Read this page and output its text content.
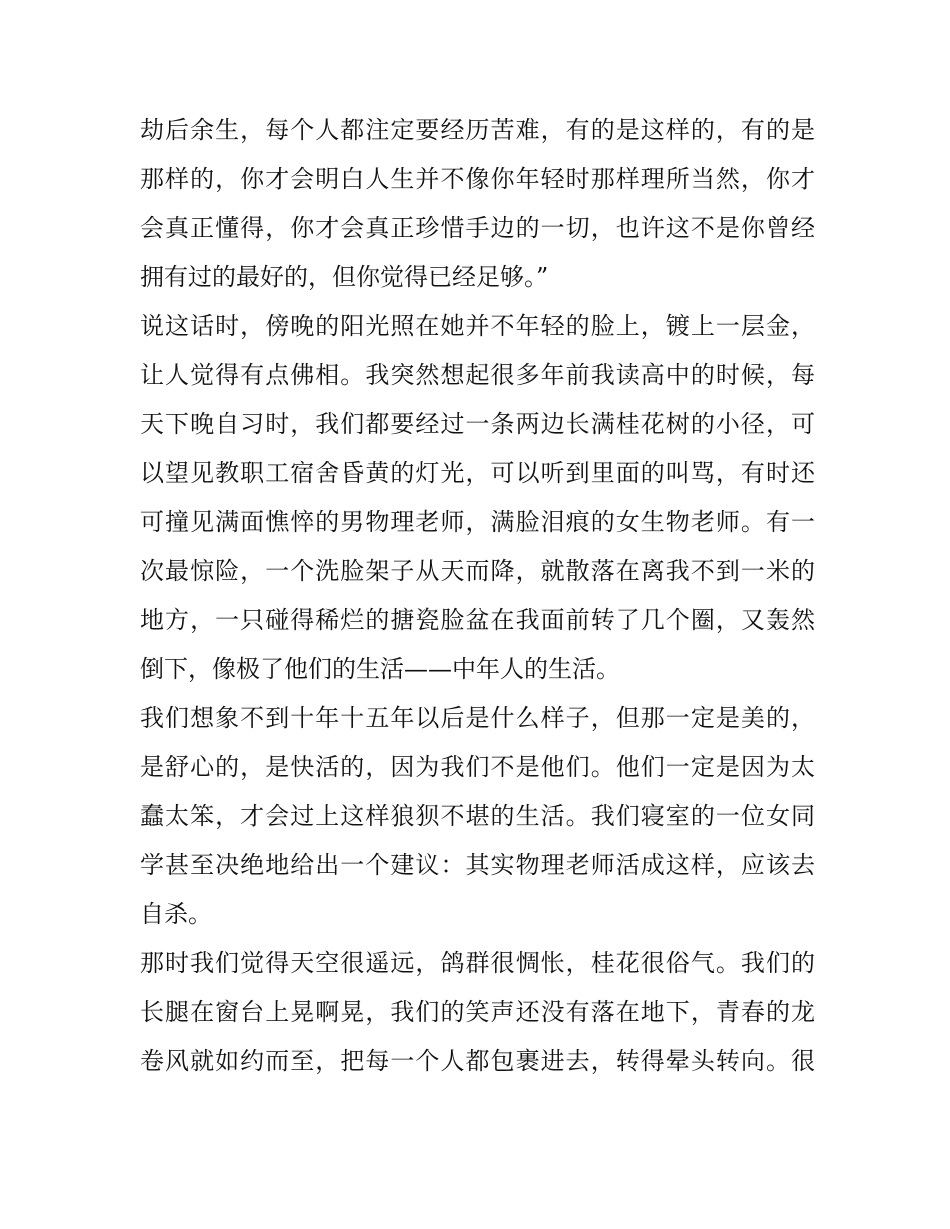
劫后余生，每个人都注定要经历苦难，有的是这样的，有的是
那样的，你才会明白人生并不像你年轻时那样理所当然，你才
会真正懂得，你才会真正珍惜手边的一切，也许这不是你曾经
拥有过的最好的，但你觉得已经足够。”
说这话时，傍晚的阳光照在她并不年轻的脸上，镀上一层金，
让人觉得有点佛相。我突然想起很多年前我读高中的时候，每
天下晚自习时，我们都要经过一条两边长满桂花树的小径，可
以望见教职工宿舍昏黄的灯光，可以听到里面的叫骂，有时还
可撞见满面憔悴的男物理老师，满脸泪痕的女生物老师。有一
次最惊险，一个洗脸架子从天而降，就散落在离我不到一米的
地方，一只碰得稀烂的搪瓷脸盆在我面前转了几个圈，又轰然
倒下，像极了他们的生活——中年人的生活。
我们想象不到十年十五年以后是什么样子，但那一定是美的，
是舒心的，是快活的，因为我们不是他们。他们一定是因为太
蠢太笨，才会过上这样狼狈不堪的生活。我们寝室的一位女同
学甚至决绝地给出一个建议：其实物理老师活成这样，应该去
自杀。
那时我们觉得天空很遥远，鸽群很惆怅，桂花很俗气。我们的
长腿在窗台上晃啊晃，我们的笑声还没有落在地下，青春的龙
卷风就如约而至，把每一个人都包裹进去，转得晕头转向。很
